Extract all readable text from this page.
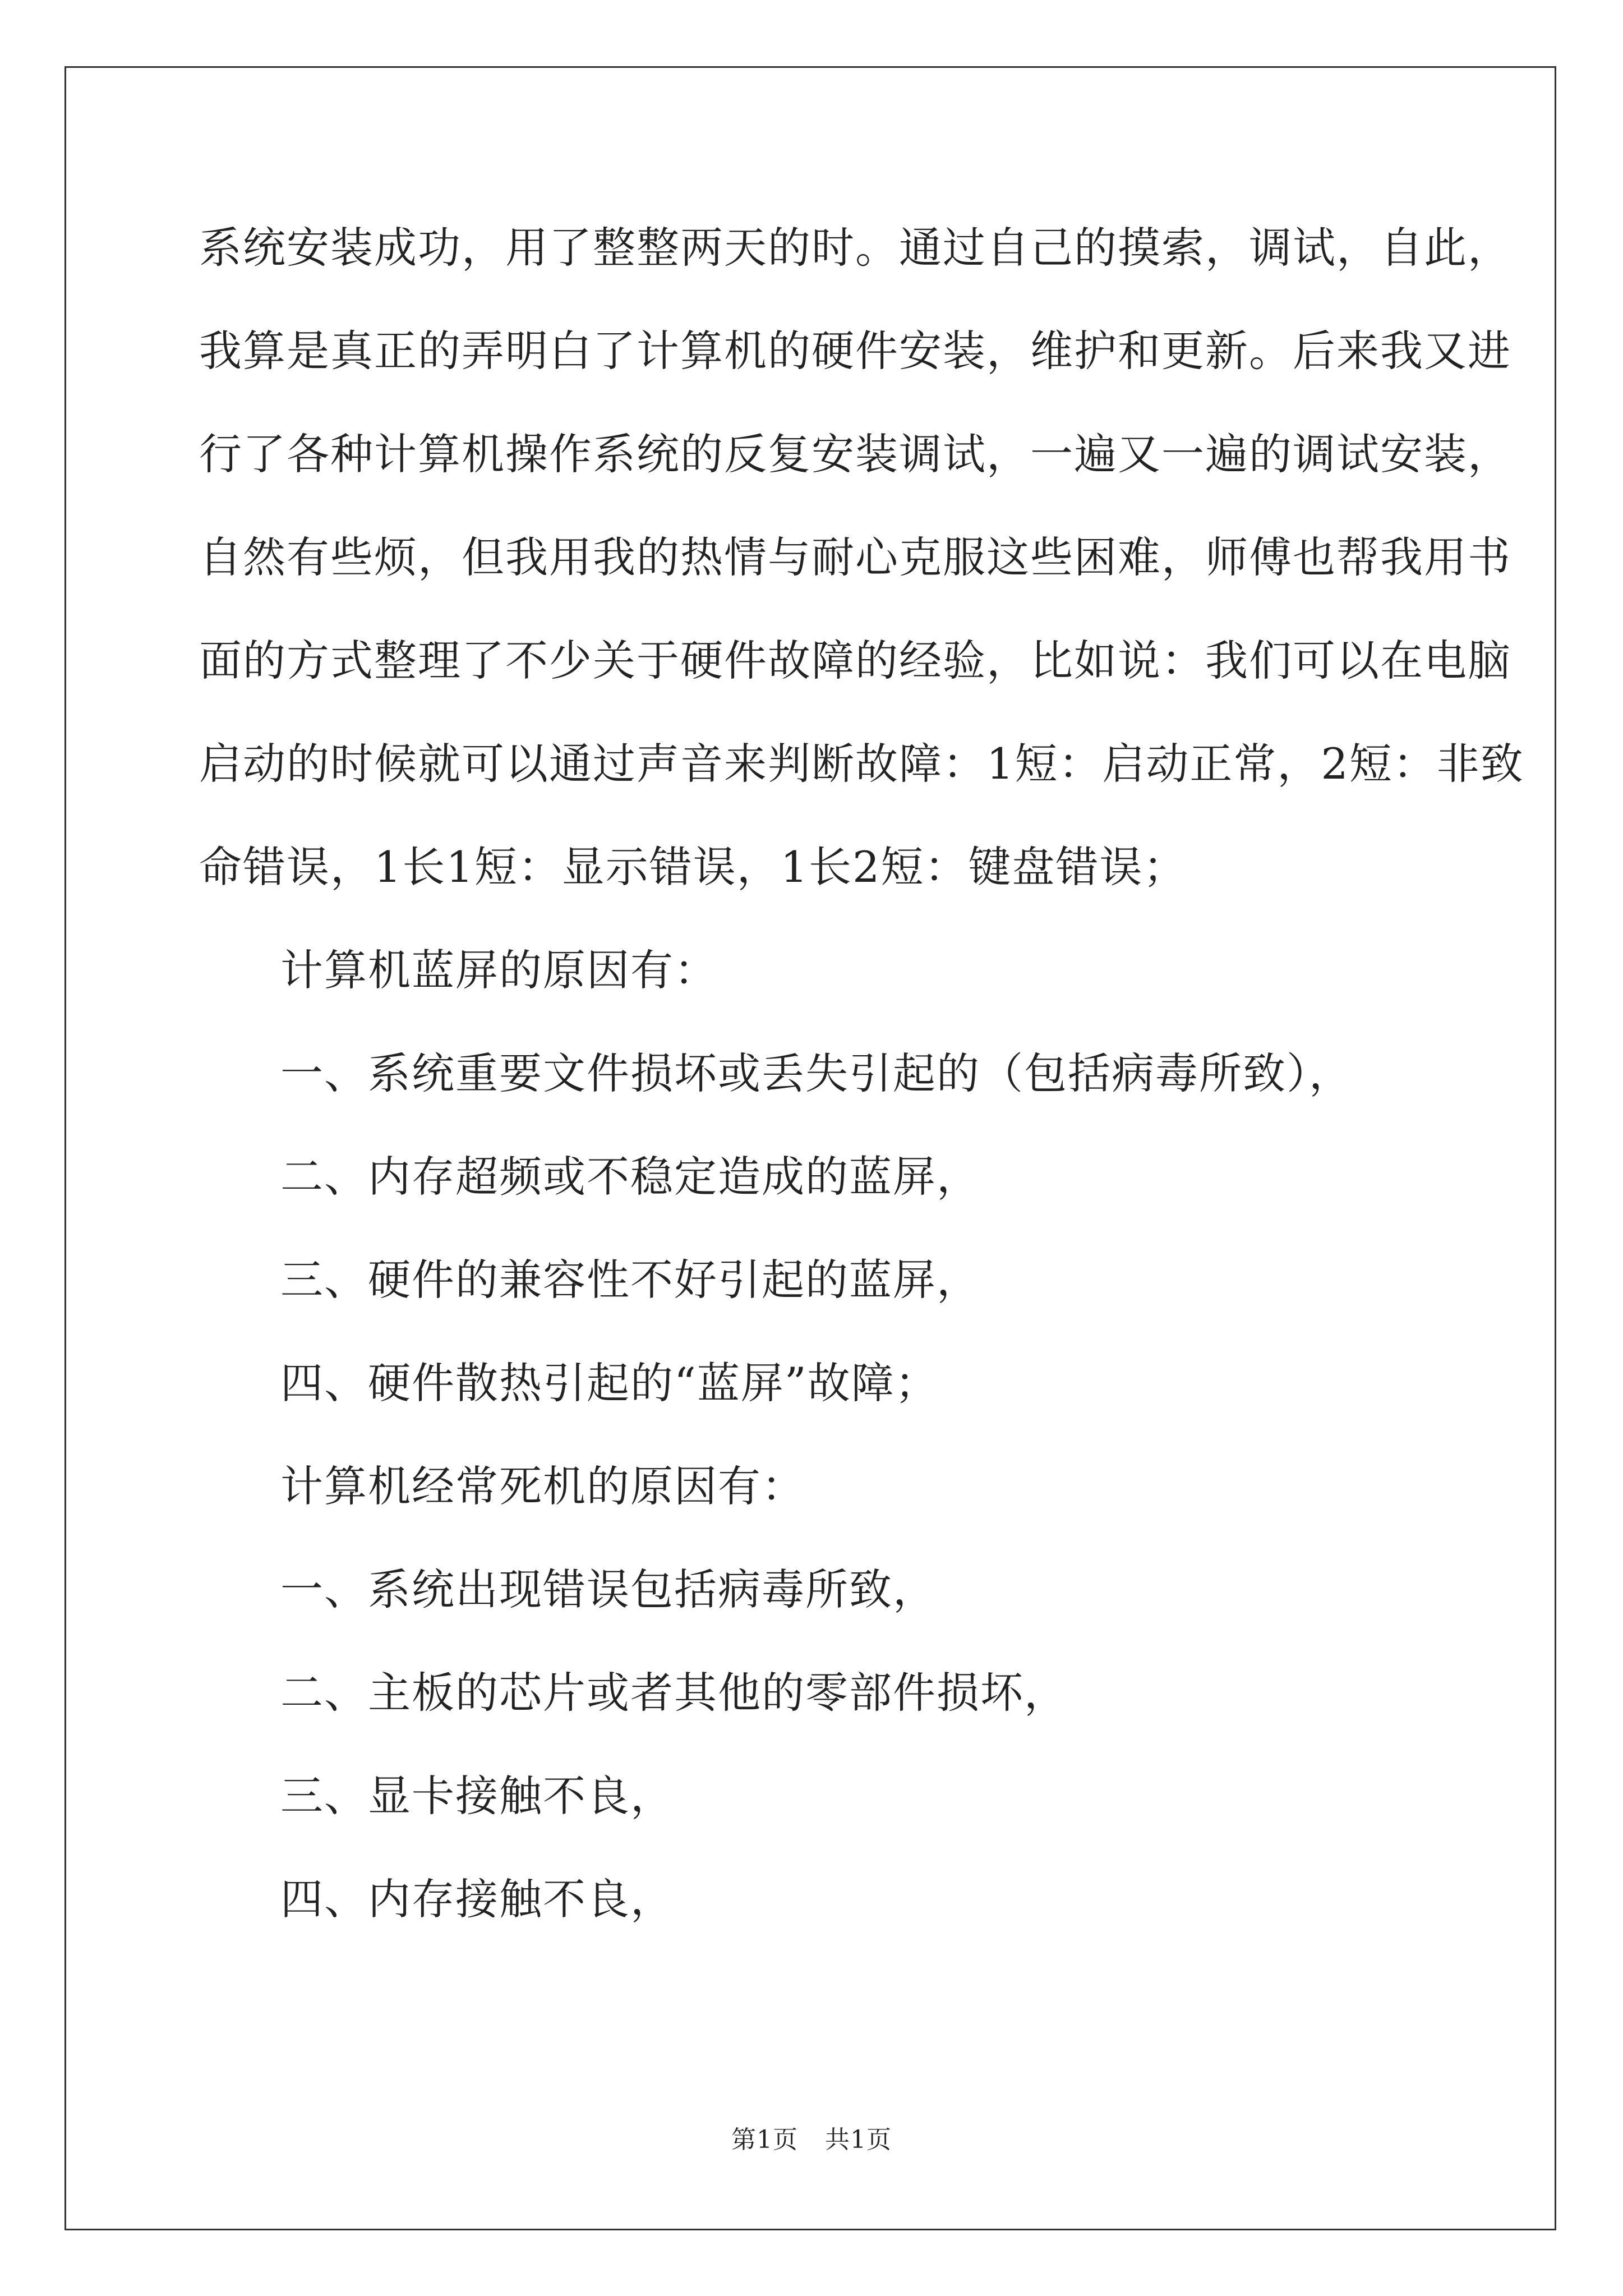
系统安装成功，用了整整两天的时。通过自己的摸索，调试，自此，

我算是真正的弄明白了计算机的硬件安装，维护和更新。后来我又进

行了各种计算机操作系统的反复安装调试，一遍又一遍的调试安装，

自然有些烦，但我用我的热情与耐心克服这些困难，师傅也帮我用书

面的方式整理了不少关于硬件故障的经验，比如说：我们可以在电脑

启动的时候就可以通过声音来判断故障：1短：启动正常，2短：非致

命错误，1长1短：显示错误，1长2短：键盘错误；

计算机蓝屏的原因有：

一、系统重要文件损坏或丢失引起的（包括病毒所致），

二、内存超频或不稳定造成的蓝屏，

三、硬件的兼容性不好引起的蓝屏，

四、硬件散热引起的“蓝屏”故障；

计算机经常死机的原因有：

一、系统出现错误包括病毒所致，

二、主板的芯片或者其他的零部件损坏，

三、显卡接触不良，

四、内存接触不良，

第1页 共1页
